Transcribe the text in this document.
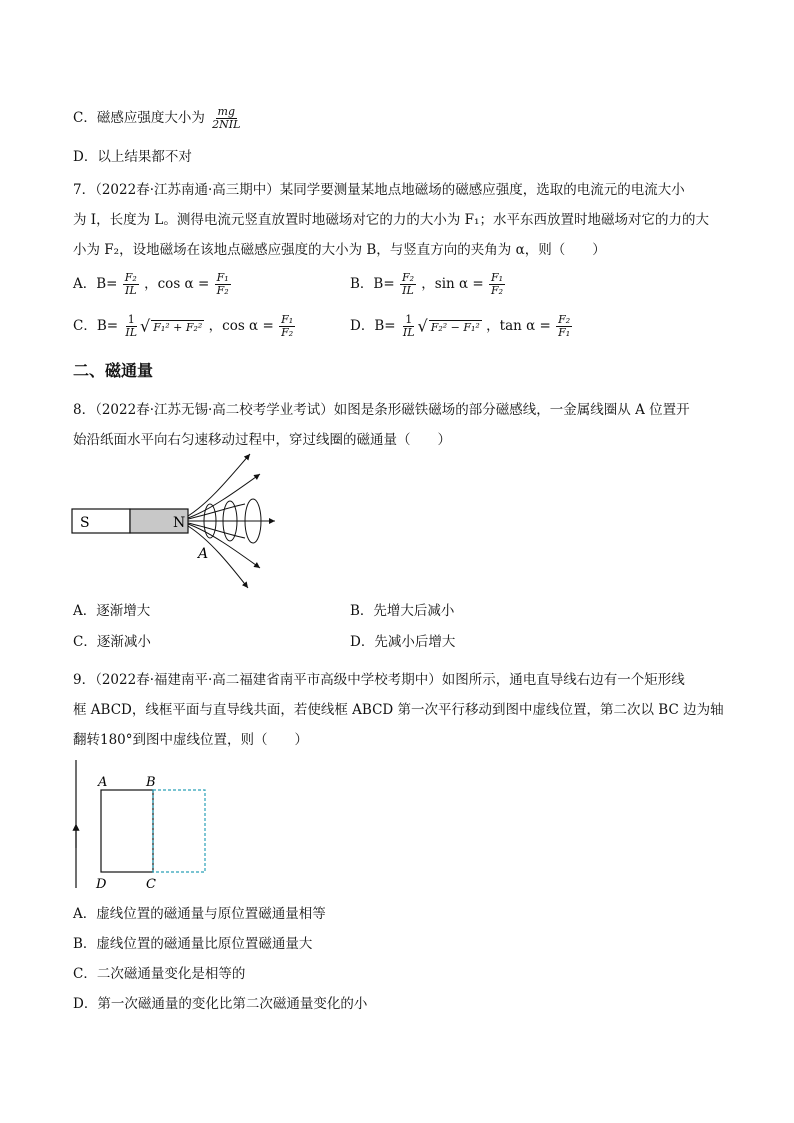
C．磁感应强度大小为 $\frac{mg}{\text{2NIL}}$
D．以上结果都不对
7．（2022春·江苏南通·高三期中）某同学要测量某地点地磁场的磁感应强度，选取的电流元的电流大小
为 I，长度为 L。测得电流元竖直放置时地磁场对它的力的大小为 F₁；水平东西放置时地磁场对它的力的大
小为 F₂，设地磁场在该地点磁感应强度的大小为 B，与竖直方向的夹角为 α，则（　　）
A．$B= \frac{\text{F₂}}{IL}$ ，$\cos \alpha = \frac{\text{F₁}}{\text{F₂}}$	B．$B= \frac{\text{F₂}}{IL}$ ，$\sin \alpha = \frac{\text{F₁}}{\text{F₂}}$
C．$B= \frac{1}{IL}$ √ F₁² + F₂² ，$\cos \alpha = \frac{\text{F₁}}{\text{F₂}}$	D．$B= \frac{1}{IL}$ √ F₂² − F₁² ，$\tan \alpha = \frac{\text{F₂}}{\text{F₁}}$
二、磁通量
8．（2022春·江苏无锡·高二校考学业考试）如图是条形磁铁磁场的部分磁感线，一金属线圈从 A 位置开
始沿纸面水平向右匀速移动过程中，穿过线圈的磁通量（　　）
S	N
A
A．逐渐增大	B．先增大后减小
C．逐渐减小	D．先减小后增大
9．（2022春·福建南平·高二福建省南平市高级中学校考期中）如图所示，通电直导线右边有一个矩形线
框 ABCD，线框平面与直导线共面，若使线框 ABCD 第一次平行移动到图中虚线位置，第二次以 BC 边为轴
翻转180°到图中虚线位置，则（　　）
A	B
C
D
A．虚线位置的磁通量与原位置磁通量相等
B．虚线位置的磁通量比原位置磁通量大
C．二次磁通量变化是相等的
D．第一次磁通量的变化比第二次磁通量变化的小
